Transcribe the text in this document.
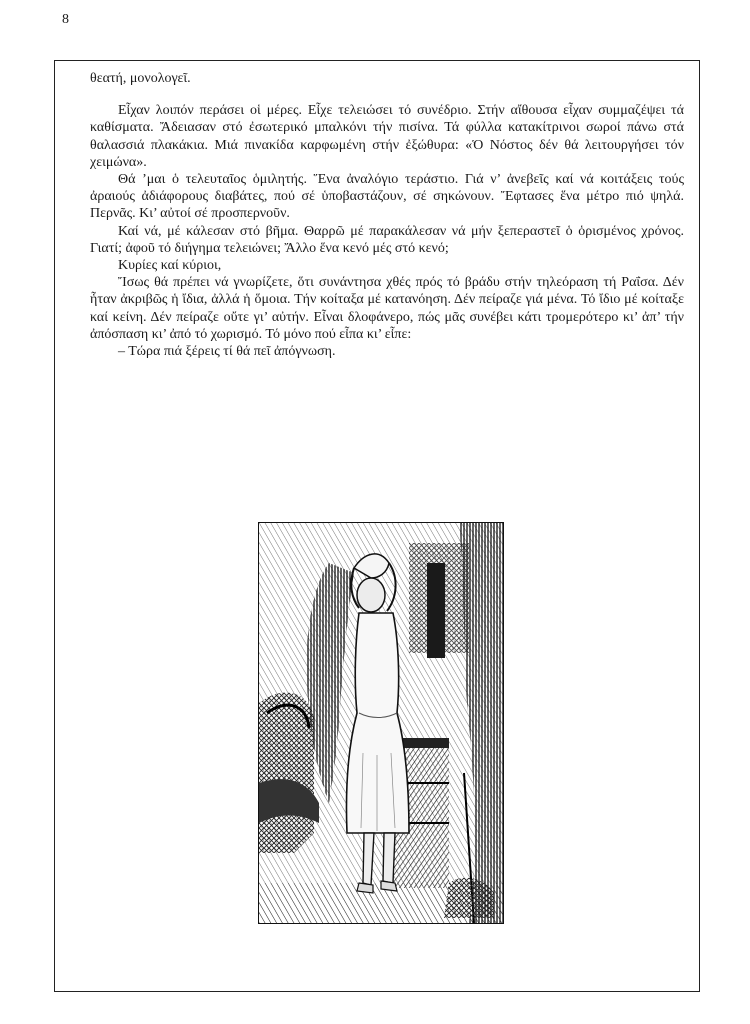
8

θεατή, μονολογεῖ.

Εἶχαν λοιπόν περάσει οἱ μέρες. Εἶχε τελειώσει τό συνέδριο. Στήν αἴθουσα εἶχαν συμμαζέψει τά καθίσματα. Ἄδειασαν στό ἐσωτερικό μπαλκόνι τήν πισίνα. Τά φύλλα κατακίτρινοι σωροί πάνω στά θαλασσιά πλακάκια. Μιά πινακίδα καρφωμένη στήν ἐξώθυρα: «Ὁ Νόστος δέν θά λειτουργήσει τόν χειμώνα».

Θά ’μαι ὁ τελευταῖος ὁμιλητής. Ἕνα ἀναλόγιο τεράστιο. Γιά ν’ ἀνεβεῖς καί νά κοιτάξεις τούς ἀραιούς ἀδιάφορους διαβάτες, πού σέ ὑποβαστάζουν, σέ σηκώνουν. Ἔφτασες ἕνα μέτρο πιό ψηλά. Περνᾶς. Κι’ αὐτοί σέ προσπερνοῦν.

Καί νά, μέ κάλεσαν στό βῆμα. Θαρρῶ μέ παρακάλεσαν νά μήν ξεπεραστεῖ ὁ ὁρισμένος χρόνος. Γιατί; ἀφοῦ τό διήγημα τελειώνει; Ἄλλο ἕνα κενό μές στό κενό;

Κυρίες καί κύριοι,

Ἴσως θά πρέπει νά γνωρίζετε, ὅτι συνάντησα χθές πρός τό βράδυ στήν τηλεόραση τή Ραΐσα. Δέν ἦταν ἀκριβῶς ἡ ἴδια, ἀλλά ἡ ὅμοια. Τήν κοίταξα μέ κατανόηση. Δέν πείραζε γιά μένα. Τό ἴδιο μέ κοίταξε καί κείνη. Δέν πείραζε οὔτε γι’ αὐτήν. Εἶναι δλοφάνερο, πώς μᾶς συνέβει κάτι τρομερότερο κι’ ἀπ’ τήν ἀπόσπαση κι’ ἀπό τό χωρισμό. Τό μόνο πού εἶπα κι’ εἶπε:

– Τώρα πιά ξέρεις τί θά πεῖ ἀπόγνωση.
